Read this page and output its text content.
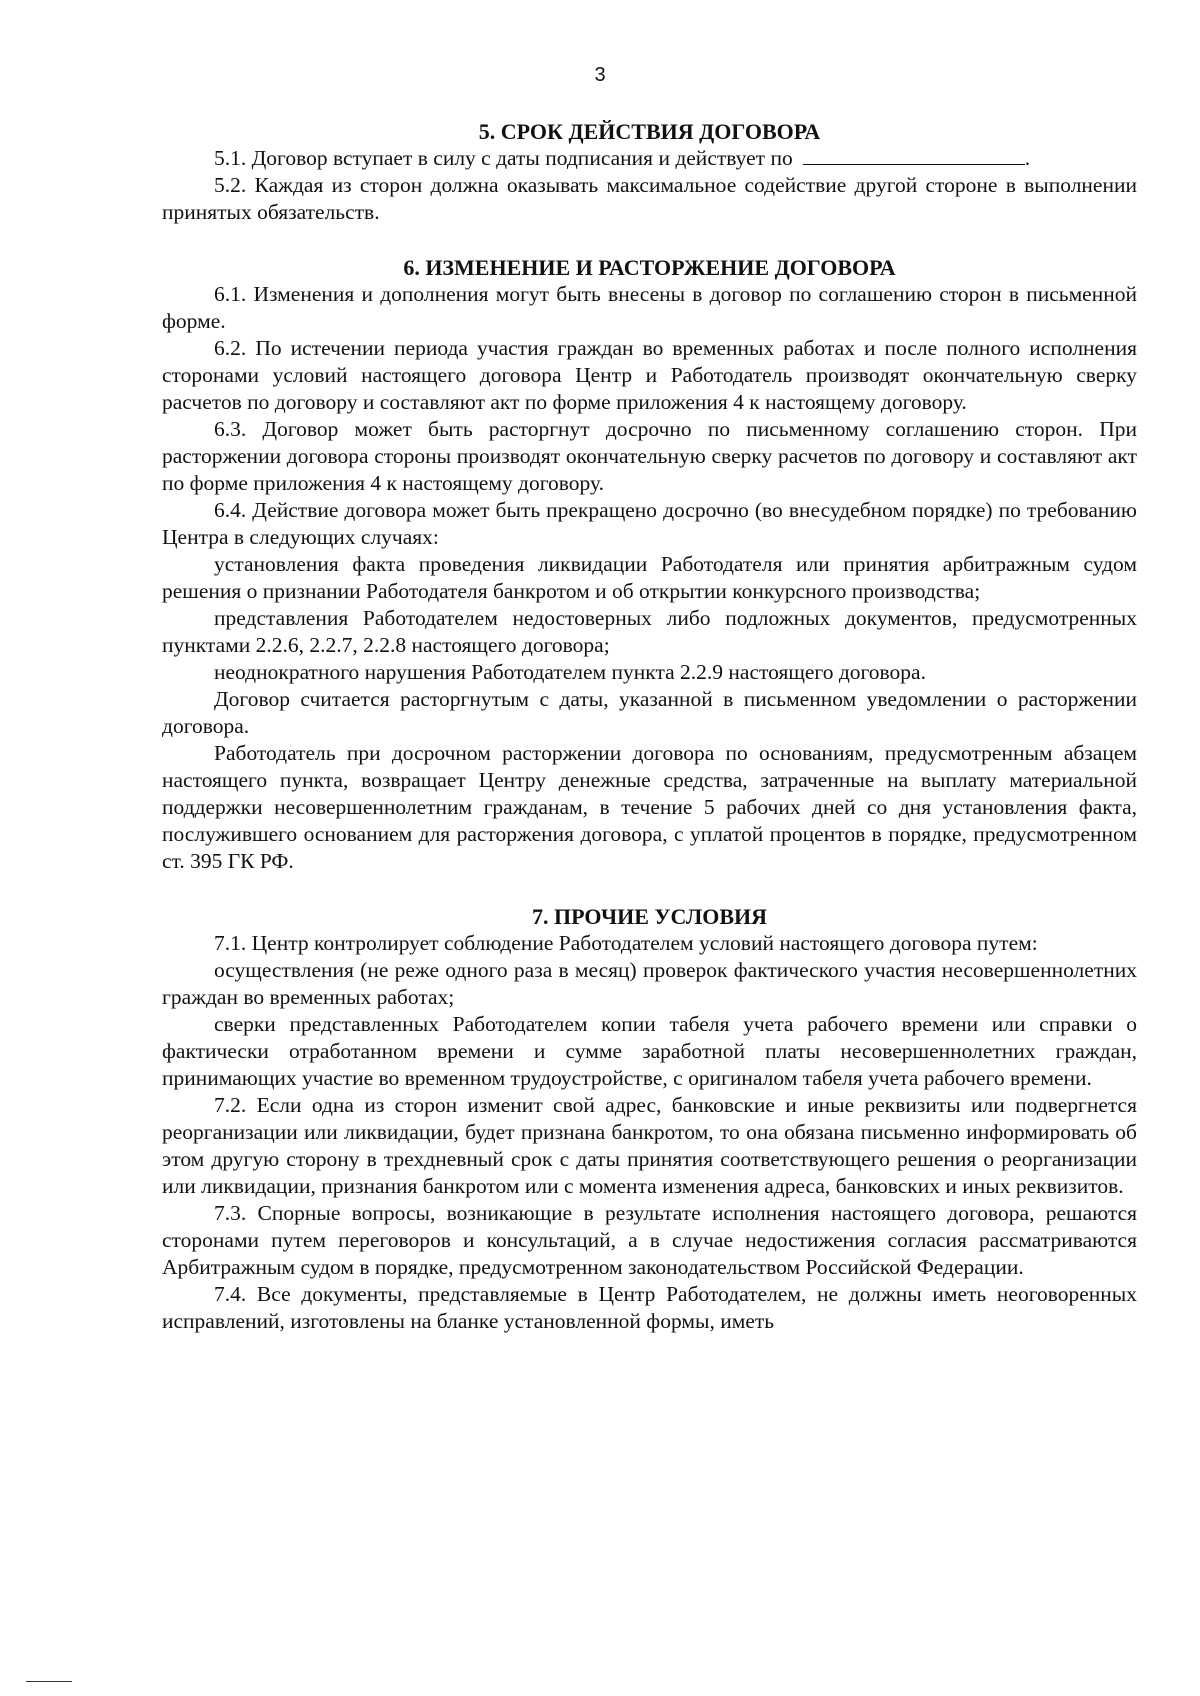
3
5. СРОК ДЕЙСТВИЯ ДОГОВОРА

5.1. Договор вступает в силу с даты подписания и действует по	.

5.2. Каждая из сторон должна оказывать максимальное содействие другой стороне в выполнении принятых обязательств.

6. ИЗМЕНЕНИЕ И РАСТОРЖЕНИЕ ДОГОВОРА

6.1. Изменения и дополнения могут быть внесены в договор по соглашению сторон в письменной форме.

6.2. По истечении периода участия граждан во временных работах и после полного исполнения сторонами условий настоящего договора Центр и Работодатель производят окончательную сверку расчетов по договору и составляют акт по форме приложения 4 к настоящему договору.

6.3. Договор может быть расторгнут досрочно по письменному соглашению сторон. При расторжении договора стороны производят окончательную сверку расчетов по договору и составляют акт по форме приложения 4 к настоящему договору.

6.4. Действие договора может быть прекращено досрочно (во внесудебном порядке) по требованию Центра в следующих случаях:

установления факта проведения ликвидации Работодателя или принятия арбитражным судом решения о признании Работодателя банкротом и об открытии конкурсного производства;

представления Работодателем недостоверных либо подложных документов, предусмотренных пунктами 2.2.6, 2.2.7, 2.2.8 настоящего договора;

неоднократного нарушения Работодателем пункта 2.2.9 настоящего договора.

Договор считается расторгнутым с даты, указанной в письменном уведомлении о расторжении договора.

Работодатель при досрочном расторжении договора по основаниям, предусмотренным абзацем настоящего пункта, возвращает Центру денежные средства, затраченные на выплату материальной поддержки несовершеннолетним гражданам, в течение 5 рабочих дней со дня установления факта, послужившего основанием для расторжения договора, с уплатой процентов в порядке, предусмотренном ст. 395 ГК РФ.

7. ПРОЧИЕ УСЛОВИЯ

7.1. Центр контролирует соблюдение Работодателем условий настоящего договора путем:

осуществления (не реже одного раза в месяц) проверок фактического участия несовершеннолетних граждан во временных работах;

сверки представленных Работодателем копии табеля учета рабочего времени или справки о фактически отработанном времени и сумме заработной платы несовершеннолетних граждан, принимающих участие во временном трудоустройстве, с оригиналом табеля учета рабочего времени.

7.2. Если одна из сторон изменит свой адрес, банковские и иные реквизиты или подвергнется реорганизации или ликвидации, будет признана банкротом, то она обязана письменно информировать об этом другую сторону в трехдневный срок с даты принятия соответствующего решения о реорганизации или ликвидации, признания банкротом или с момента изменения адреса, банковских и иных реквизитов.

7.3. Спорные вопросы, возникающие в результате исполнения настоящего договора, решаются сторонами путем переговоров и консультаций, а в случае недостижения согласия рассматриваются Арбитражным судом в порядке, предусмотренном законодательством Российской Федерации.

7.4. Все документы, представляемые в Центр Работодателем, не должны иметь неоговоренных исправлений, изготовлены на бланке установленной формы, иметь
